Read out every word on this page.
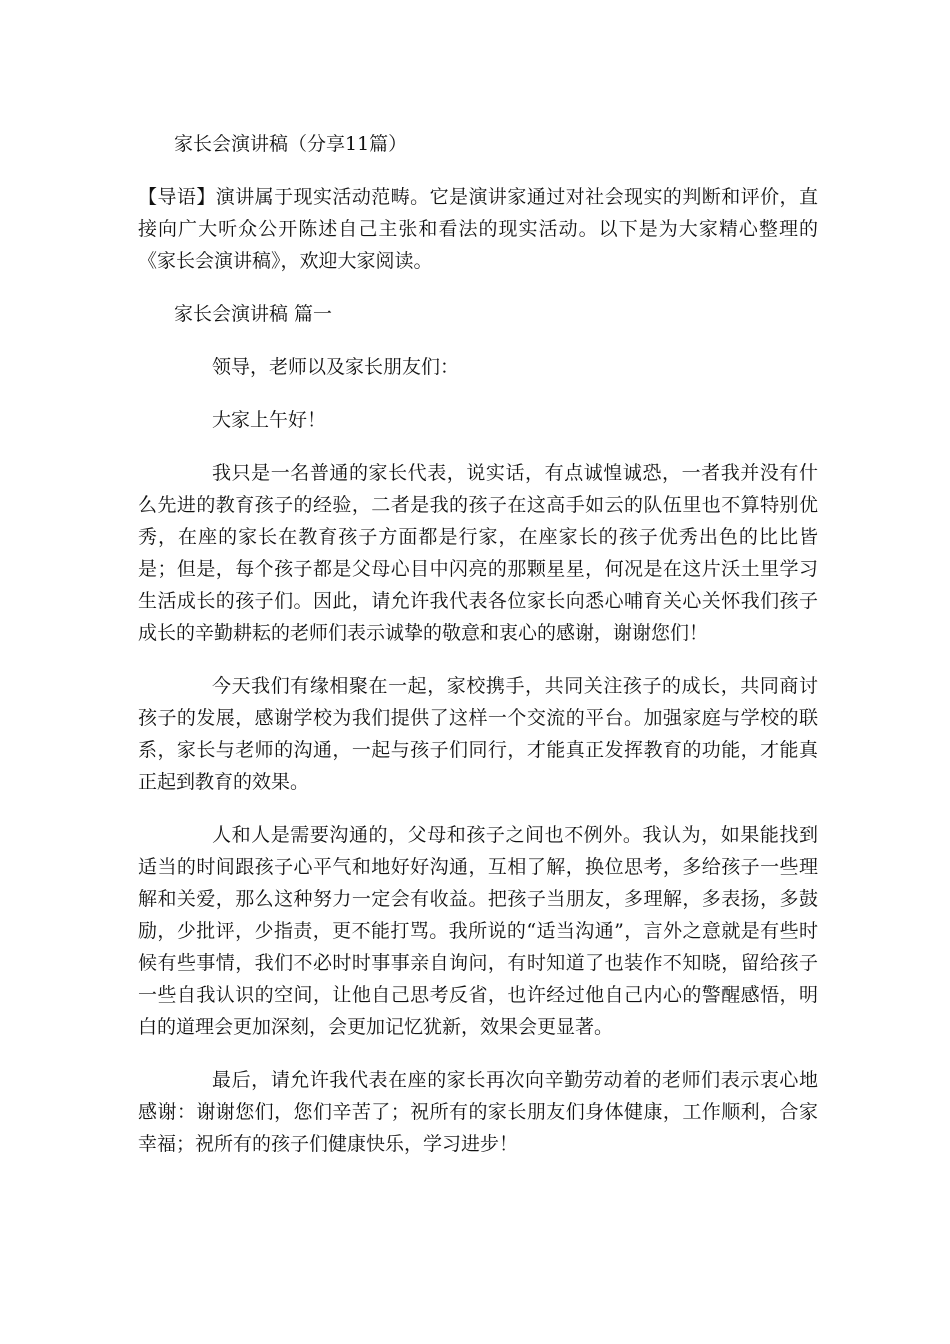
家长会演讲稿（分享11篇）

【导语】演讲属于现实活动范畴。它是演讲家通过对社会现实的判断和评价，直接向广大听众公开陈述自己主张和看法的现实活动。以下是为大家精心整理的《家长会演讲稿》，欢迎大家阅读。

家长会演讲稿 篇一

领导，老师以及家长朋友们：

大家上午好！

我只是一名普通的家长代表，说实话，有点诚惶诚恐，一者我并没有什么先进的教育孩子的经验，二者是我的孩子在这高手如云的队伍里也不算特别优秀，在座的家长在教育孩子方面都是行家，在座家长的孩子优秀出色的比比皆是；但是，每个孩子都是父母心目中闪亮的那颗星星，何况是在这片沃土里学习生活成长的孩子们。因此，请允许我代表各位家长向悉心哺育关心关怀我们孩子成长的辛勤耕耘的老师们表示诚挚的敬意和衷心的感谢，谢谢您们！

今天我们有缘相聚在一起，家校携手，共同关注孩子的成长，共同商讨孩子的发展，感谢学校为我们提供了这样一个交流的平台。加强家庭与学校的联系，家长与老师的沟通，一起与孩子们同行，才能真正发挥教育的功能，才能真正起到教育的效果。

人和人是需要沟通的，父母和孩子之间也不例外。我认为，如果能找到适当的时间跟孩子心平气和地好好沟通，互相了解，换位思考，多给孩子一些理解和关爱，那么这种努力一定会有收益。把孩子当朋友，多理解，多表扬，多鼓励，少批评，少指责，更不能打骂。我所说的“适当沟通”，言外之意就是有些时候有些事情，我们不必时时事事亲自询问，有时知道了也装作不知晓，留给孩子一些自我认识的空间，让他自己思考反省，也许经过他自己内心的警醒感悟，明白的道理会更加深刻，会更加记忆犹新，效果会更显著。

最后，请允许我代表在座的家长再次向辛勤劳动着的老师们表示衷心地感谢：谢谢您们，您们辛苦了；祝所有的家长朋友们身体健康，工作顺利，合家幸福；祝所有的孩子们健康快乐，学习进步！
